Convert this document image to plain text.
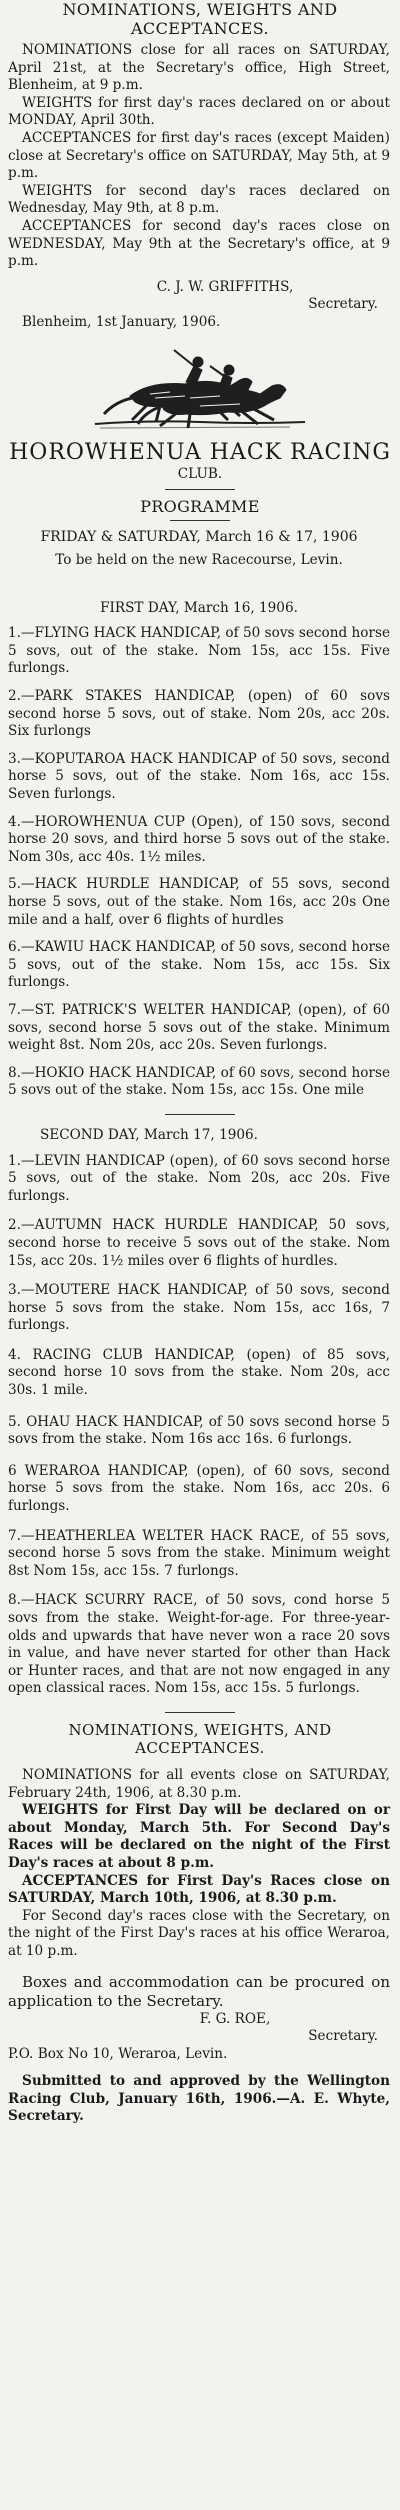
NOMINATIONS, WEIGHTS AND ACCEPTANCES.

NOMINATIONS close for all races on SATURDAY, April 21st, at the Secretary's office, High Street, Blenheim, at 9 p.m.

WEIGHTS for first day's races declared on or about MONDAY, April 30th.

ACCEPTANCES for first day's races (except Maiden) close at Secretary's office on SATURDAY, May 5th, at 9 p.m.

WEIGHTS for second day's races declared on Wednesday, May 9th, at 8 p.m.

ACCEPTANCES for second day's races close on WEDNESDAY, May 9th at the Secretary's office, at 9 p.m.

C. J. W. GRIFFITHS,

Secretary.

Blenheim, 1st January, 1906.

HOROWHENUA HACK RACING

CLUB.

PROGRAMME

FRIDAY & SATURDAY, March 16 & 17, 1906

To be held on the new Racecourse, Levin.

FIRST DAY, March 16, 1906.

1.—FLYING HACK HANDICAP, of 50 sovs second horse 5 sovs, out of the stake. Nom 15s, acc 15s. Five furlongs.

2.—PARK STAKES HANDICAP, (open) of 60 sovs second horse 5 sovs, out of stake. Nom 20s, acc 20s. Six furlongs

3.—KOPUTAROA HACK HANDICAP of 50 sovs, second horse 5 sovs, out of the stake. Nom 16s, acc 15s. Seven furlongs.

4.—HOROWHENUA CUP (Open), of 150 sovs, second horse 20 sovs, and third horse 5 sovs out of the stake. Nom 30s, acc 40s. 1½ miles.

5.—HACK HURDLE HANDICAP, of 55 sovs, second horse 5 sovs, out of the stake. Nom 16s, acc 20s One mile and a half, over 6 flights of hurdles

6.—KAWIU HACK HANDICAP, of 50 sovs, second horse 5 sovs, out of the stake. Nom 15s, acc 15s. Six furlongs.

7.—ST. PATRICK'S WELTER HANDICAP, (open), of 60 sovs, second horse 5 sovs out of the stake. Minimum weight 8st. Nom 20s, acc 20s. Seven furlongs.

8.—HOKIO HACK HANDICAP, of 60 sovs, second horse 5 sovs out of the stake. Nom 15s, acc 15s. One mile

SECOND DAY, March 17, 1906.

1.—LEVIN HANDICAP (open), of 60 sovs second horse 5 sovs, out of the stake. Nom 20s, acc 20s. Five furlongs.

2.—AUTUMN HACK HURDLE HANDICAP, 50 sovs, second horse to receive 5 sovs out of the stake. Nom 15s, acc 20s. 1½ miles over 6 flights of hurdles.

3.—MOUTERE HACK HANDICAP, of 50 sovs, second horse 5 sovs from the stake. Nom 15s, acc 16s, 7 furlongs.

4. RACING CLUB HANDICAP, (open) of 85 sovs, second horse 10 sovs from the stake. Nom 20s, acc 30s. 1 mile.

5. OHAU HACK HANDICAP, of 50 sovs second horse 5 sovs from the stake. Nom 16s acc 16s. 6 furlongs.

6 WERAROA HANDICAP, (open), of 60 sovs, second horse 5 sovs from the stake. Nom 16s, acc 20s. 6 furlongs.

7.—HEATHERLEA WELTER HACK RACE, of 55 sovs, second horse 5 sovs from the stake. Minimum weight 8st Nom 15s, acc 15s. 7 furlongs.

8.—HACK SCURRY RACE, of 50 sovs, cond horse 5 sovs from the stake. Weight-for-age. For three-year-olds and upwards that have never won a race 20 sovs in value, and have never started for other than Hack or Hunter races, and that are not now engaged in any open classical races. Nom 15s, acc 15s. 5 furlongs.

NOMINATIONS, WEIGHTS, AND ACCEPTANCES.

NOMINATIONS for all events close on SATURDAY, February 24th, 1906, at 8.30 p.m.

WEIGHTS for First Day will be declared on or about Monday, March 5th. For Second Day's Races will be declared on the night of the First Day's races at about 8 p.m.

ACCEPTANCES for First Day's Races close on SATURDAY, March 10th, 1906, at 8.30 p.m.

For Second day's races close with the Secretary, on the night of the First Day's races at his office Weraroa, at 10 p.m.

Boxes and accommodation can be procured on application to the Secretary.

F. G. ROE,

Secretary.

P.O. Box No 10, Weraroa, Levin.

Submitted to and approved by the Wellington Racing Club, January 16th, 1906.—A. E. Whyte, Secretary.
